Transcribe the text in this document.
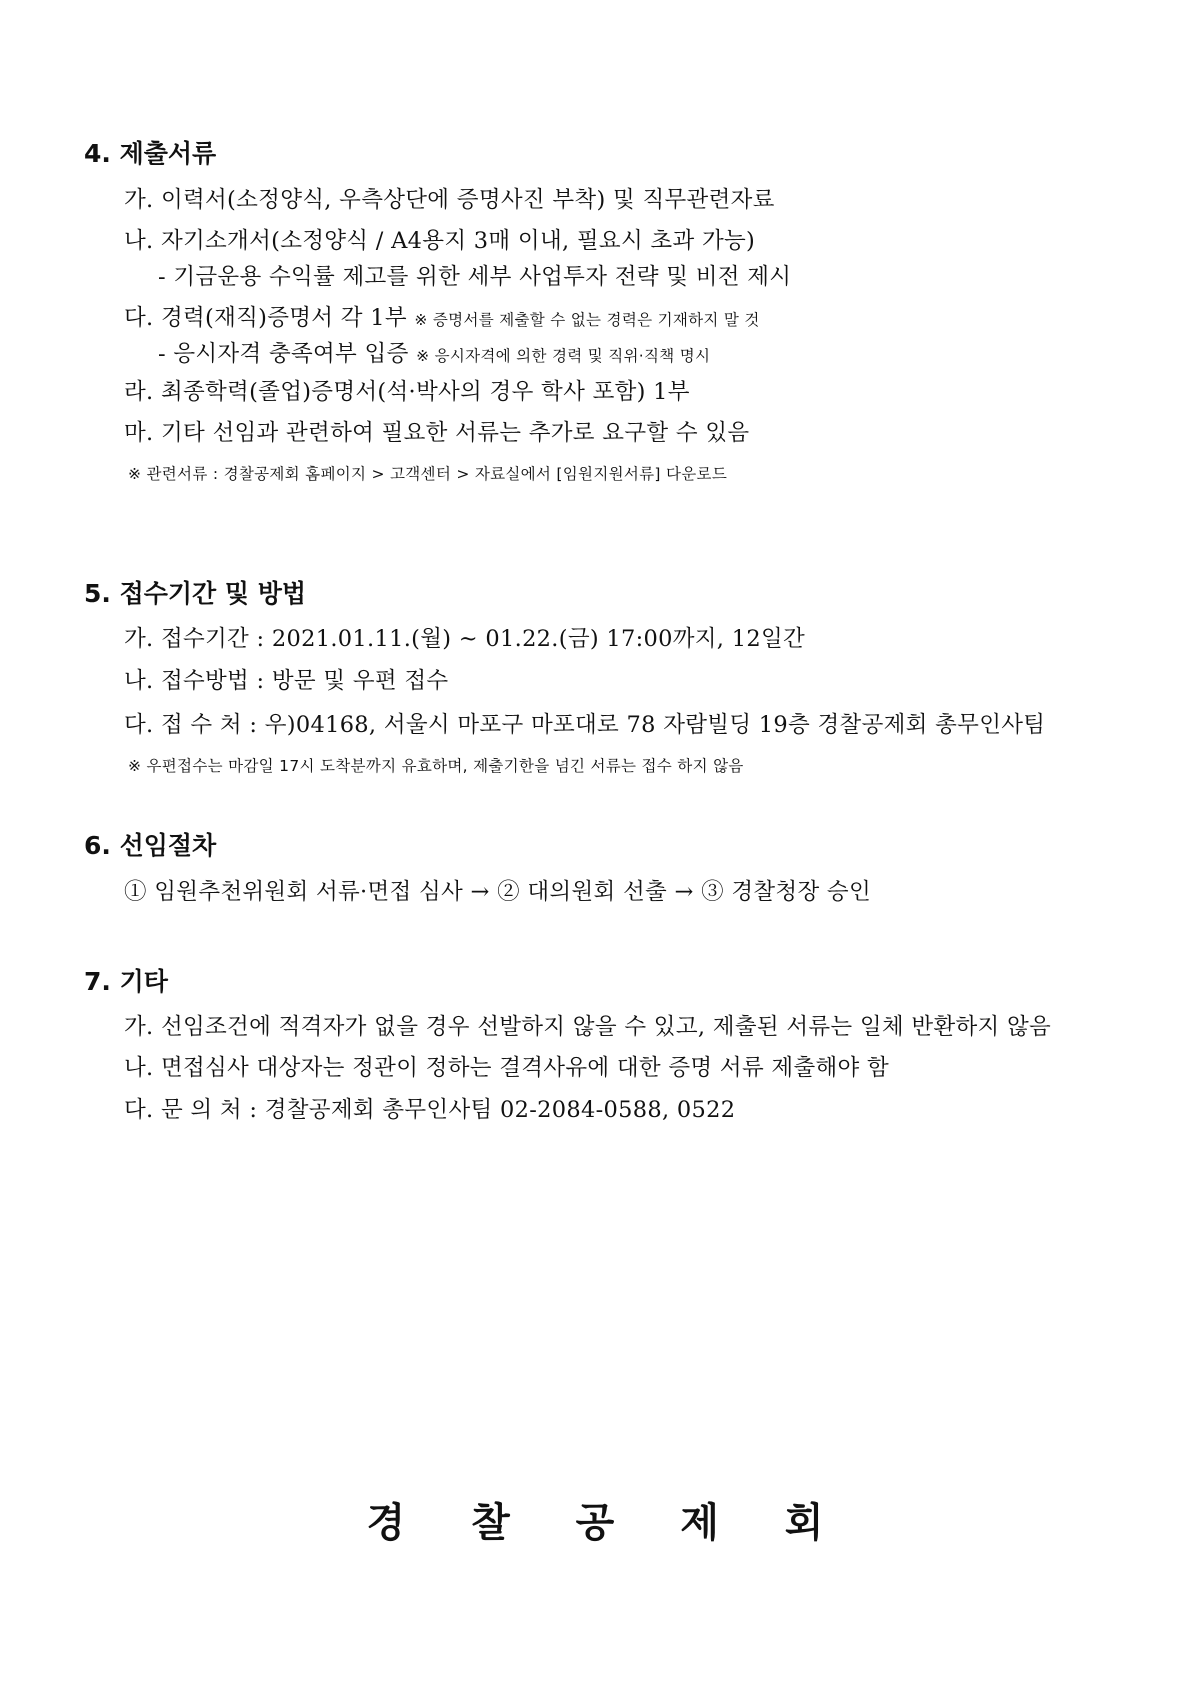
4. 제출서류
가. 이력서(소정양식, 우측상단에 증명사진 부착) 및 직무관련자료
나. 자기소개서(소정양식 / A4용지 3매 이내, 필요시 초과 가능)
- 기금운용 수익률 제고를 위한 세부 사업투자 전략 및 비전 제시
다. 경력(재직)증명서 각 1부 ※ 증명서를 제출할 수 없는 경력은 기재하지 말 것
- 응시자격 충족여부 입증 ※ 응시자격에 의한 경력 및 직위·직책 명시
라. 최종학력(졸업)증명서(석·박사의 경우 학사 포함) 1부
마. 기타 선임과 관련하여 필요한 서류는 추가로 요구할 수 있음
※ 관련서류 : 경찰공제회 홈페이지 > 고객센터 > 자료실에서 [임원지원서류] 다운로드
5. 접수기간 및 방법
가. 접수기간 : 2021.01.11.(월) ~ 01.22.(금) 17:00까지, 12일간
나. 접수방법 : 방문 및 우편 접수
다. 접 수 처 : 우)04168, 서울시 마포구 마포대로 78 자람빌딩 19층 경찰공제회 총무인사팀
※ 우편접수는 마감일 17시 도착분까지 유효하며, 제출기한을 넘긴 서류는 접수 하지 않음
6. 선임절차
① 임원추천위원회 서류·면접 심사 → ② 대의원회 선출 → ③ 경찰청장 승인
7. 기타
가. 선임조건에 적격자가 없을 경우 선발하지 않을 수 있고, 제출된 서류는 일체 반환하지 않음
나. 면접심사 대상자는 정관이 정하는 결격사유에 대한 증명 서류 제출해야 함
다. 문 의 처 : 경찰공제회 총무인사팀 02-2084-0588, 0522
경 찰 공 제 회
